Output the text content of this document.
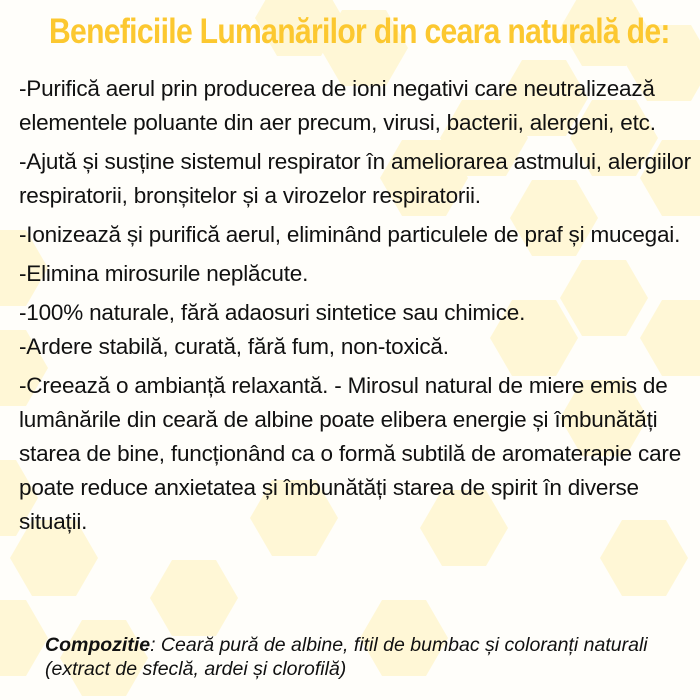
Beneficiile Lumanărilor din ceara naturală de:

-Purifică aerul prin producerea de ioni negativi care neutralizează elementele poluante din aer precum, virusi, bacterii, alergeni, etc.

-Ajută și susține sistemul respirator în ameliorarea astmului, alergiilor respiratorii, bronșitelor și a virozelor respiratorii.

-Ionizează și purifică aerul, eliminând particulele de praf și mucegai.

-Elimina mirosurile neplăcute.

-100% naturale, fără adaosuri sintetice sau chimice.

-Ardere stabilă, curată, fără fum, non-toxică.

-Creează o ambianță relaxantă. - Mirosul natural de miere emis de lumânările din ceară de albine poate elibera energie și îmbunătăți starea de bine, funcționând ca o formă subtilă de aromaterapie care poate reduce anxietatea și îmbunătăți starea de spirit în diverse situații.

Compozitie: Ceară pură de albine, fitil de bumbac și coloranți naturali (extract de sfeclă, ardei și clorofilă)
